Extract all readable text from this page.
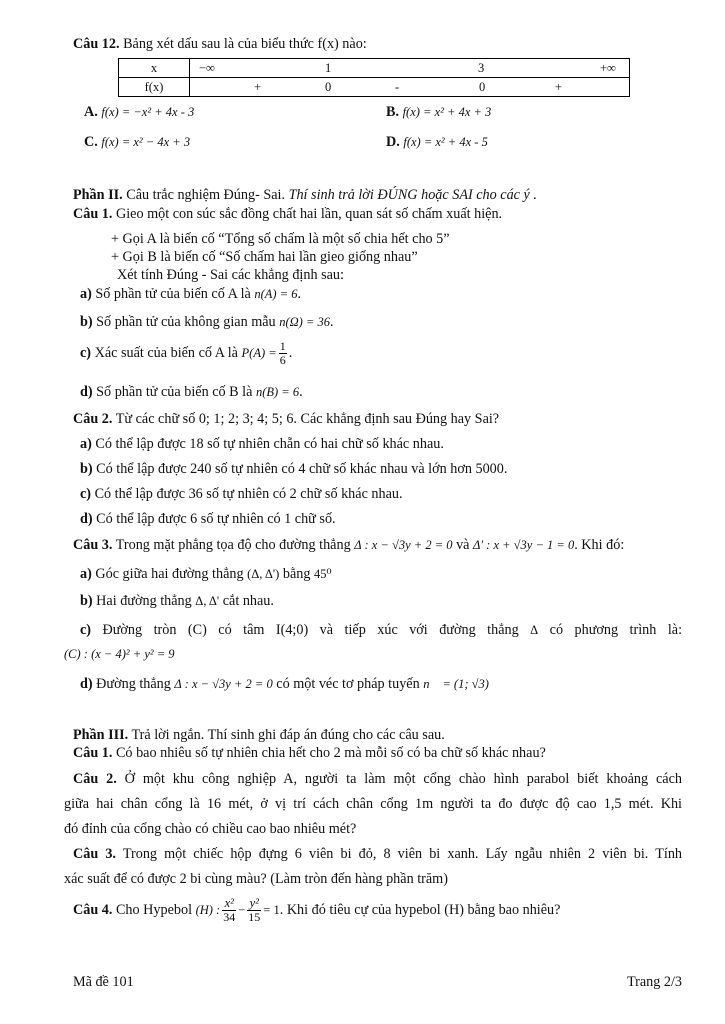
Câu 12. Bảng xét dấu sau là của biểu thức f(x) nào:
x	−∞ 1 3 +∞

f(x)	+ 0 - 0 +
A. f(x) = −x² + 4x - 3	B. f(x) = x² + 4x + 3
C. f(x) = x² − 4x + 3	D. f(x) = x² + 4x - 5
Phần II. Câu trắc nghiệm Đúng- Sai. Thí sinh trả lời ĐÚNG hoặc SAI cho các ý .
Câu 1. Gieo một con súc sắc đồng chất hai lần, quan sát số chấm xuất hiện.
+ Gọi A là biến cố “Tổng số chấm là một số chia hết cho 5”
+ Gọi B là biến cố “Số chấm hai lần gieo giống nhau”
Xét tính Đúng - Sai các khẳng định sau:
a) Số phần tử của biến cố A là n(A) = 6.
b) Số phần tử của không gian mẫu n(Ω) = 36.
c) Xác suất của biến cố A là $P(A) = \frac{1}{6}$ .
d) Số phần tử của biến cố B là n(B) = 6.
Câu 2. Từ các chữ số 0; 1; 2; 3; 4; 5; 6. Các khẳng định sau Đúng hay Sai?
a) Có thể lập được 18 số tự nhiên chẵn có hai chữ số khác nhau.
b) Có thể lập được 240 số tự nhiên có 4 chữ số khác nhau và lớn hơn 5000.
c) Có thể lập được 36 số tự nhiên có 2 chữ số khác nhau.
d) Có thể lập được 6 số tự nhiên có 1 chữ số.
Câu 3. Trong mặt phẳng tọa độ cho đường thẳng Δ : x − √3y + 2 = 0 và Δ' : x + √3y − 1 = 0. Khi đó:
a) Góc giữa hai đường thẳng (Δ, Δ') bằng 45⁰
b) Hai đường thẳng Δ, Δ' cắt nhau.
c) Đường tròn (C) có tâm I(4;0) và tiếp xúc với đường thẳng Δ có phương trình là:
(C) : (x − 4)² + y² = 9
d) Đường thẳng Δ : x − √3y + 2 = 0 có một véc tơ pháp tuyến n⃗ = (1; √3)
Phần III. Trả lời ngắn. Thí sinh ghi đáp án đúng cho các câu sau.
Câu 1. Có bao nhiêu số tự nhiên chia hết cho 2 mà mỗi số có ba chữ số khác nhau?
Câu 2. Ở một khu công nghiệp A, người ta làm một cổng chào hình parabol biết khoảng cách
giữa hai chân cổng là 16 mét, ở vị trí cách chân cổng 1m người ta đo được độ cao 1,5 mét. Khi
đó đỉnh của cổng chào có chiều cao bao nhiêu mét?
Câu 3. Trong một chiếc hộp đựng 6 viên bi đỏ, 8 viên bi xanh. Lấy ngẫu nhiên 2 viên bi. Tính
xác suất để có được 2 bi cùng màu? (Làm tròn đến hàng phần trăm)
Câu 4. Cho Hypebol (H) : $\frac{\text{x²}}{34} - \frac{\text{y²}}{15} = 1$. Khi đó tiêu cự của hypebol (H) bằng bao nhiêu?
Mã đề 101	Trang 2/3
